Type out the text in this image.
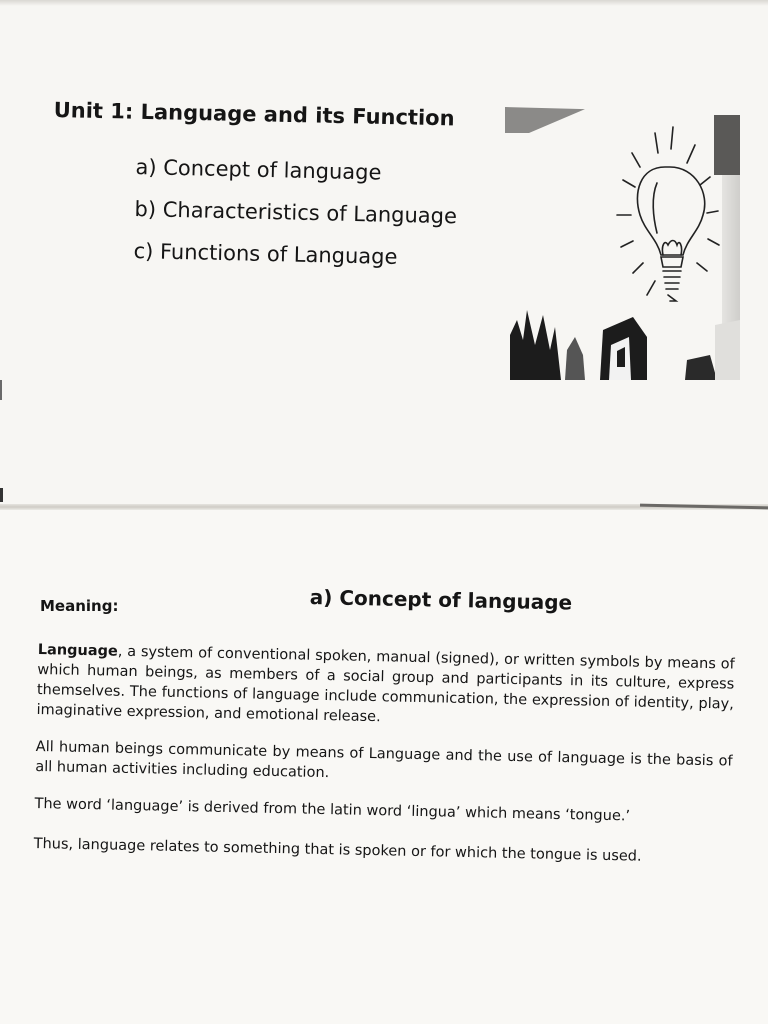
Unit 1: Language and its Function
a) Concept of language
b) Characteristics of Language
c) Functions of Language
Meaning:	a) Concept of language

Language, a system of conventional spoken, manual (signed), or written symbols by means of which human beings, as members of a social group and participants in its culture, express themselves. The functions of language include communication, the expression of identity, play, imaginative expression, and emotional release.

All human beings communicate by means of Language and the use of language is the basis of all human activities including education.

The word ‘language’ is derived from the latin word ‘lingua’ which means ‘tongue.’

Thus, language relates to something that is spoken or for which the tongue is used.
